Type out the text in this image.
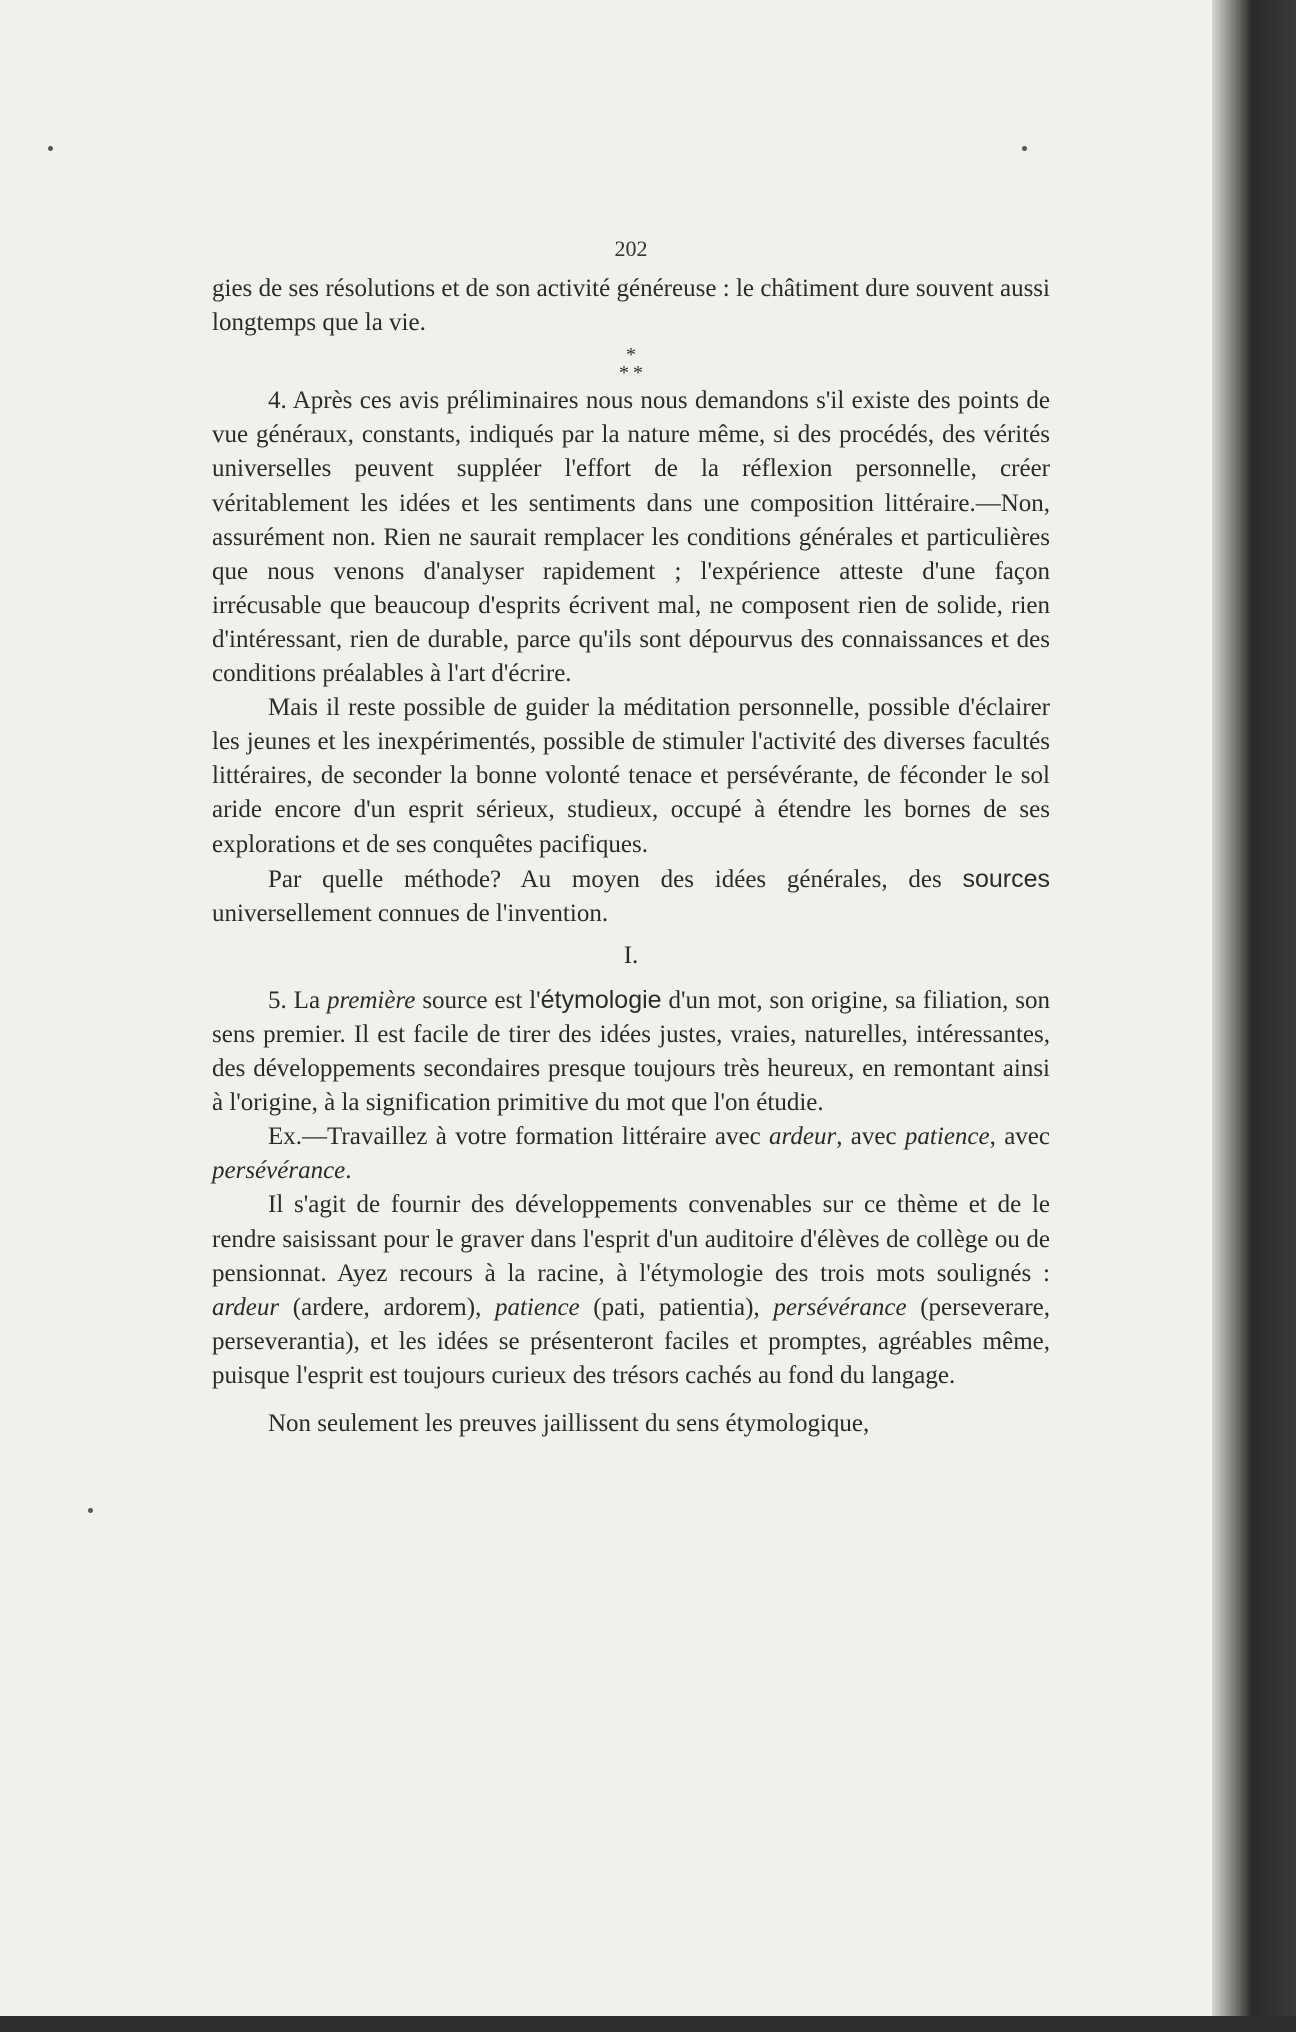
202

gies de ses résolutions et de son activité généreuse : le châtiment dure souvent aussi longtemps que la vie.

*
* *

4. Après ces avis préliminaires nous nous demandons s'il existe des points de vue généraux, constants, indiqués par la nature même, si des procédés, des vérités universelles peuvent suppléer l'effort de la réflexion personnelle, créer véritablement les idées et les sentiments dans une composition littéraire.—Non, assurément non. Rien ne saurait remplacer les conditions générales et particulières que nous venons d'analyser rapidement ; l'expérience atteste d'une façon irrécusable que beaucoup d'esprits écrivent mal, ne composent rien de solide, rien d'intéressant, rien de durable, parce qu'ils sont dépourvus des connaissances et des conditions préalables à l'art d'écrire.

Mais il reste possible de guider la méditation personnelle, possible d'éclairer les jeunes et les inexpérimentés, possible de stimuler l'activité des diverses facultés littéraires, de seconder la bonne volonté tenace et persévérante, de féconder le sol aride encore d'un esprit sérieux, studieux, occupé à étendre les bornes de ses explorations et de ses conquêtes pacifiques.

Par quelle méthode? Au moyen des idées générales, des sources universellement connues de l'invention.

I.

5. La première source est l'étymologie d'un mot, son origine, sa filiation, son sens premier. Il est facile de tirer des idées justes, vraies, naturelles, intéressantes, des développements secondaires presque toujours très heureux, en remontant ainsi à l'origine, à la signification primitive du mot que l'on étudie.

Ex.—Travaillez à votre formation littéraire avec ardeur, avec patience, avec persévérance.

Il s'agit de fournir des développements convenables sur ce thème et de le rendre saisissant pour le graver dans l'esprit d'un auditoire d'élèves de collège ou de pensionnat. Ayez recours à la racine, à l'étymologie des trois mots soulignés : ardeur (ardere, ardorem), patience (pati, patientia), persévérance (perseverare, perseverantia), et les idées se présenteront faciles et promptes, agréables même, puisque l'esprit est toujours curieux des trésors cachés au fond du langage.

Non seulement les preuves jaillissent du sens étymologique,
